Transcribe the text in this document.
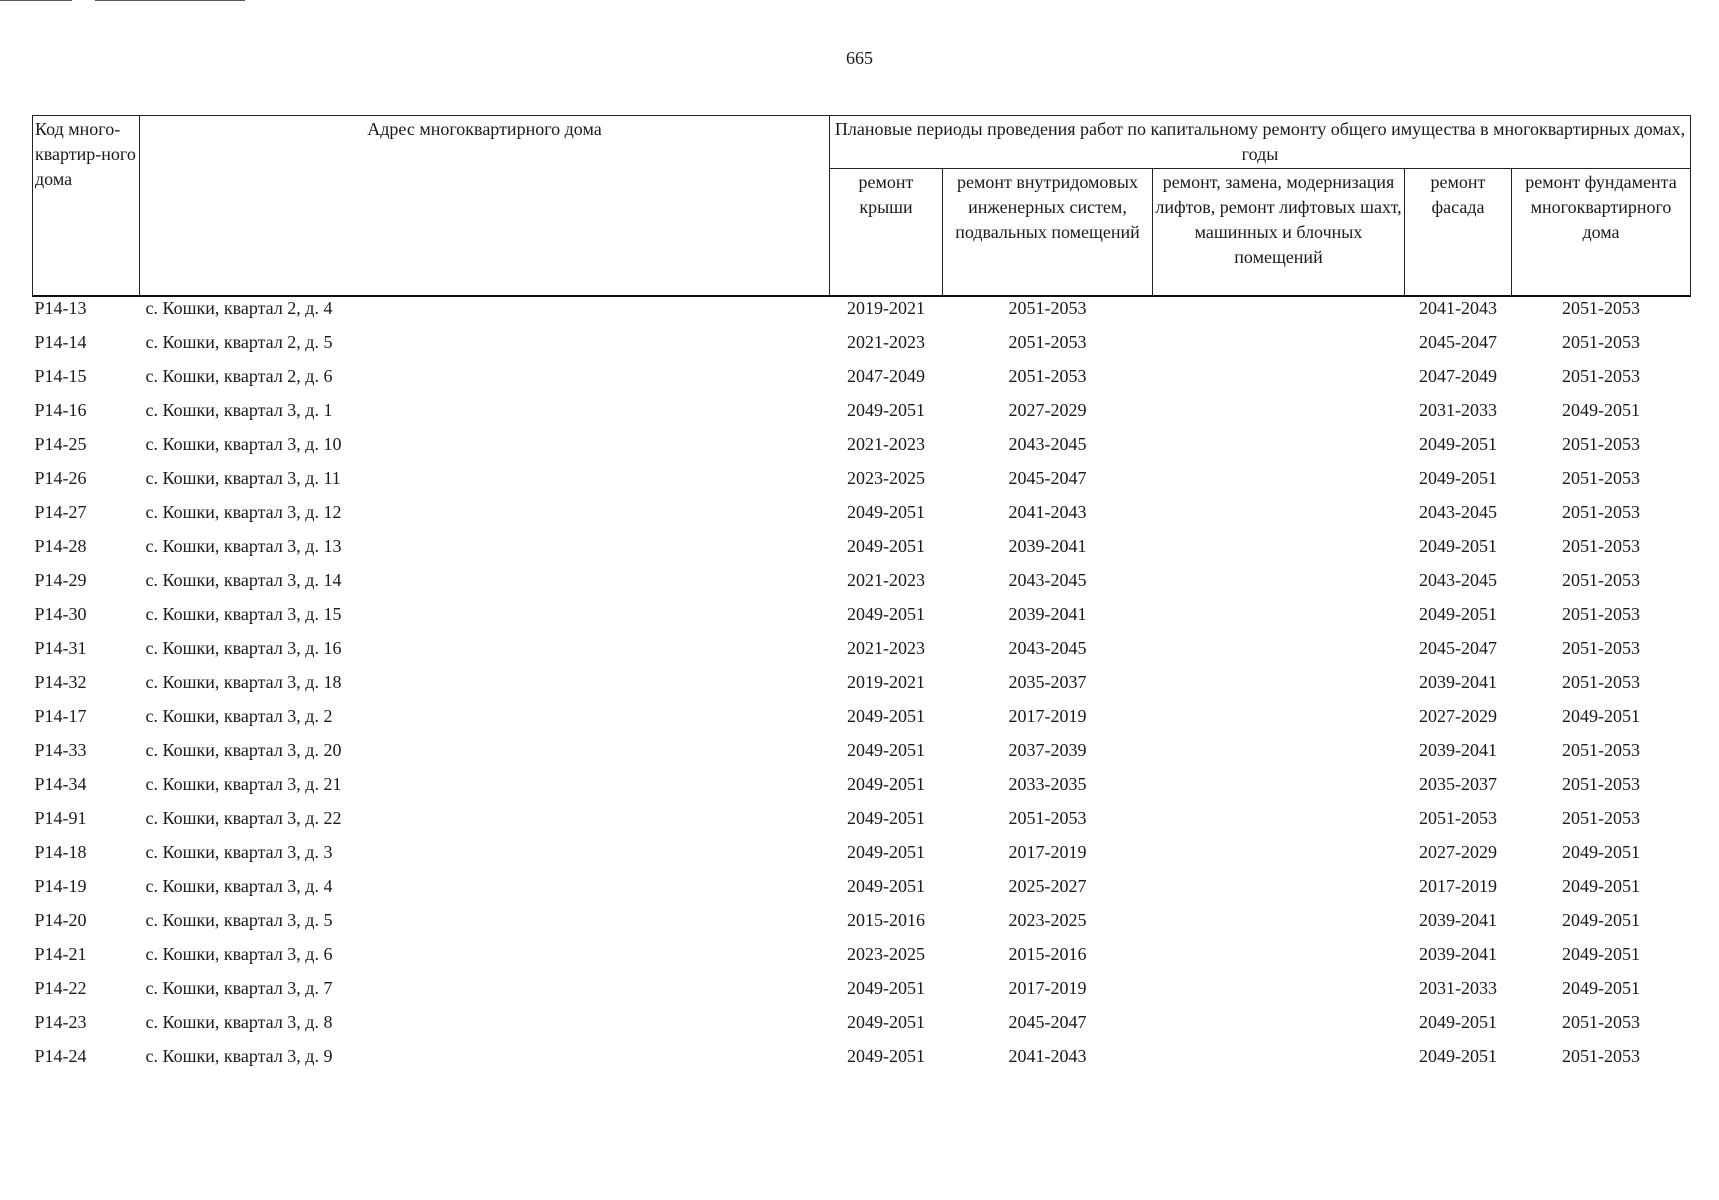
665
Код много-квартир-ного дома	Адрес многоквартирного дома	Плановые периоды проведения работ по капитальному ремонту общего имущества в многоквартирных домах, годы				
		ремонт крыши	ремонт внутридомовых инженерных систем, подвальных помещений	ремонт, замена, модернизация лифтов, ремонт лифтовых шахт, машинных и блочных помещений	ремонт фасада	ремонт фундамента многоквартирного дома
Р14-13	с. Кошки, квартал 2, д. 4	2019-2021	2051-2053		2041-2043	2051-2053
Р14-14	с. Кошки, квартал 2, д. 5	2021-2023	2051-2053		2045-2047	2051-2053
Р14-15	с. Кошки, квартал 2, д. 6	2047-2049	2051-2053		2047-2049	2051-2053
Р14-16	с. Кошки, квартал 3, д. 1	2049-2051	2027-2029		2031-2033	2049-2051
Р14-25	с. Кошки, квартал 3, д. 10	2021-2023	2043-2045		2049-2051	2051-2053
Р14-26	с. Кошки, квартал 3, д. 11	2023-2025	2045-2047		2049-2051	2051-2053
Р14-27	с. Кошки, квартал 3, д. 12	2049-2051	2041-2043		2043-2045	2051-2053
Р14-28	с. Кошки, квартал 3, д. 13	2049-2051	2039-2041		2049-2051	2051-2053
Р14-29	с. Кошки, квартал 3, д. 14	2021-2023	2043-2045		2043-2045	2051-2053
Р14-30	с. Кошки, квартал 3, д. 15	2049-2051	2039-2041		2049-2051	2051-2053
Р14-31	с. Кошки, квартал 3, д. 16	2021-2023	2043-2045		2045-2047	2051-2053
Р14-32	с. Кошки, квартал 3, д. 18	2019-2021	2035-2037		2039-2041	2051-2053
Р14-17	с. Кошки, квартал 3, д. 2	2049-2051	2017-2019		2027-2029	2049-2051
Р14-33	с. Кошки, квартал 3, д. 20	2049-2051	2037-2039		2039-2041	2051-2053
Р14-34	с. Кошки, квартал 3, д. 21	2049-2051	2033-2035		2035-2037	2051-2053
Р14-91	с. Кошки, квартал 3, д. 22	2049-2051	2051-2053		2051-2053	2051-2053
Р14-18	с. Кошки, квартал 3, д. 3	2049-2051	2017-2019		2027-2029	2049-2051
Р14-19	с. Кошки, квартал 3, д. 4	2049-2051	2025-2027		2017-2019	2049-2051
Р14-20	с. Кошки, квартал 3, д. 5	2015-2016	2023-2025		2039-2041	2049-2051
Р14-21	с. Кошки, квартал 3, д. 6	2023-2025	2015-2016		2039-2041	2049-2051
Р14-22	с. Кошки, квартал 3, д. 7	2049-2051	2017-2019		2031-2033	2049-2051
Р14-23	с. Кошки, квартал 3, д. 8	2049-2051	2045-2047		2049-2051	2051-2053
Р14-24	с. Кошки, квартал 3, д. 9	2049-2051	2041-2043		2049-2051	2051-2053
